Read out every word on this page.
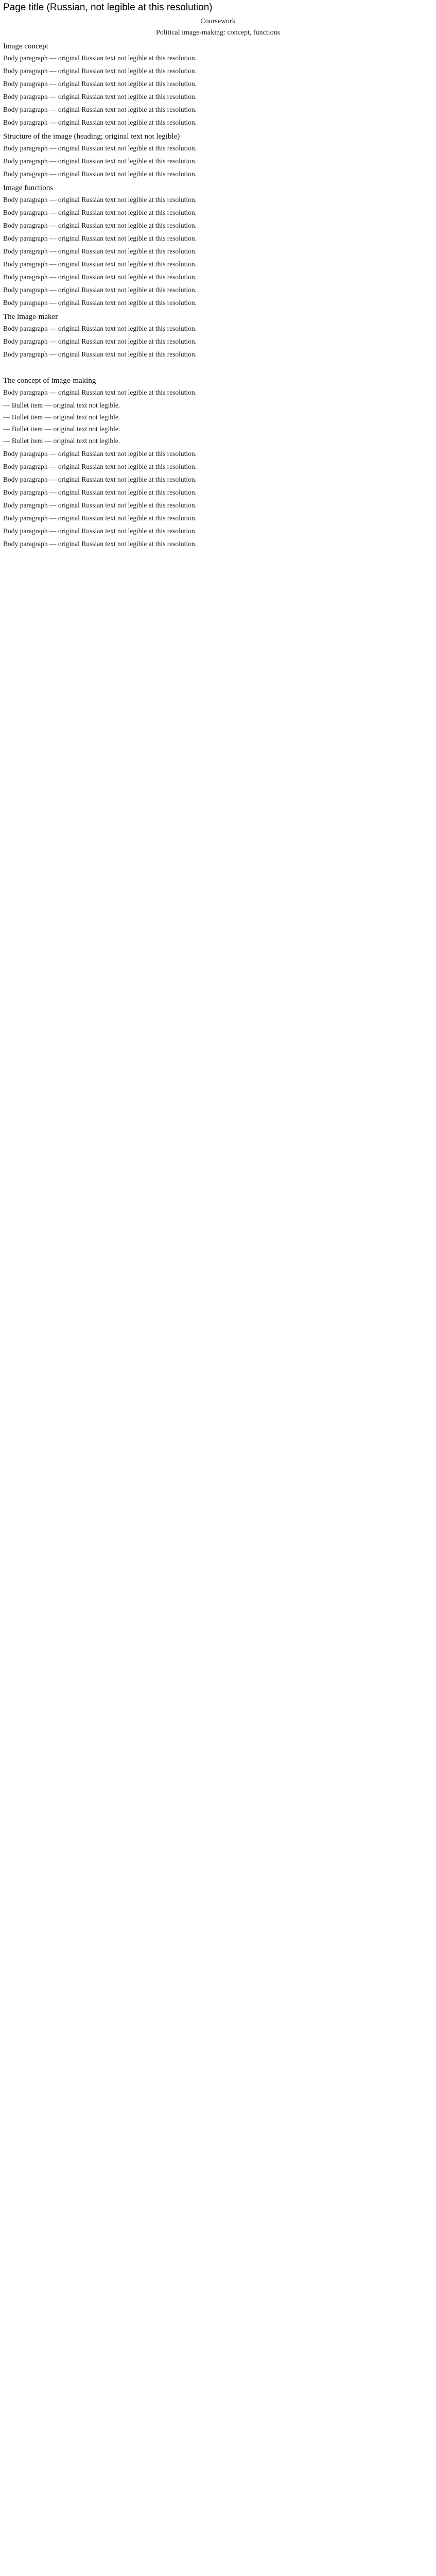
Page title (Russian, not legible at this resolution)
Coursework
Political image-making: concept, functions
Image concept

Body paragraph — original Russian text not legible at this resolution.

Body paragraph — original Russian text not legible at this resolution.

Body paragraph — original Russian text not legible at this resolution.

Body paragraph — original Russian text not legible at this resolution.

Body paragraph — original Russian text not legible at this resolution.

Body paragraph — original Russian text not legible at this resolution.

Structure of the image (heading; original text not legible)

Body paragraph — original Russian text not legible at this resolution.

Body paragraph — original Russian text not legible at this resolution.

Body paragraph — original Russian text not legible at this resolution.

Image functions

Body paragraph — original Russian text not legible at this resolution.

Body paragraph — original Russian text not legible at this resolution.

Body paragraph — original Russian text not legible at this resolution.

Body paragraph — original Russian text not legible at this resolution.

Body paragraph — original Russian text not legible at this resolution.

Body paragraph — original Russian text not legible at this resolution.

Body paragraph — original Russian text not legible at this resolution.

Body paragraph — original Russian text not legible at this resolution.

Body paragraph — original Russian text not legible at this resolution.

The image-maker

Body paragraph — original Russian text not legible at this resolution.

Body paragraph — original Russian text not legible at this resolution.

Body paragraph — original Russian text not legible at this resolution.

The concept of image-making

Body paragraph — original Russian text not legible at this resolution.

— Bullet item — original text not legible.
— Bullet item — original text not legible.
— Bullet item — original text not legible.
— Bullet item — original text not legible.

Body paragraph — original Russian text not legible at this resolution.

Body paragraph — original Russian text not legible at this resolution.

Body paragraph — original Russian text not legible at this resolution.

Body paragraph — original Russian text not legible at this resolution.

Body paragraph — original Russian text not legible at this resolution.

Body paragraph — original Russian text not legible at this resolution.

Body paragraph — original Russian text not legible at this resolution.

Body paragraph — original Russian text not legible at this resolution.
